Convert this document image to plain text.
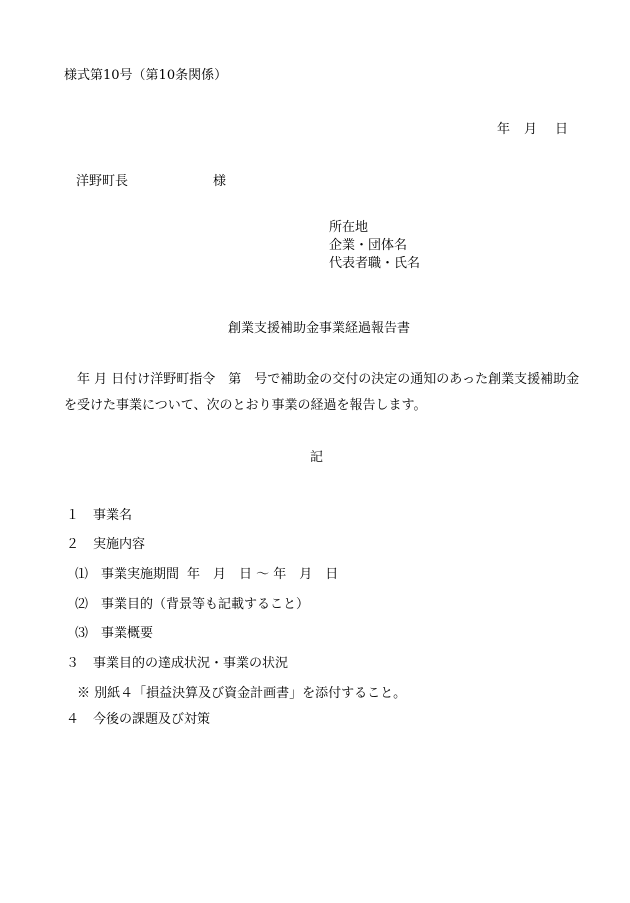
様式第10号（第10条関係）
年 月 日
洋野町長	様
所在地
企業・団体名
代表者職・氏名
創業支援補助金事業経過報告書
年 月 日付け洋野町指令　第　号で補助金の交付の決定の通知のあった創業支援補助金
を受けた事業について、次のとおり事業の経過を報告します。
記
１ 事業名
２ 実施内容
⑴ 事業実施期間 年　月　日 〜 年　月　日
⑵ 事業目的（背景等も記載すること）
⑶ 事業概要
３ 事業目的の達成状況・事業の状況
※ 別紙４「損益決算及び資金計画書」を添付すること。
４ 今後の課題及び対策
